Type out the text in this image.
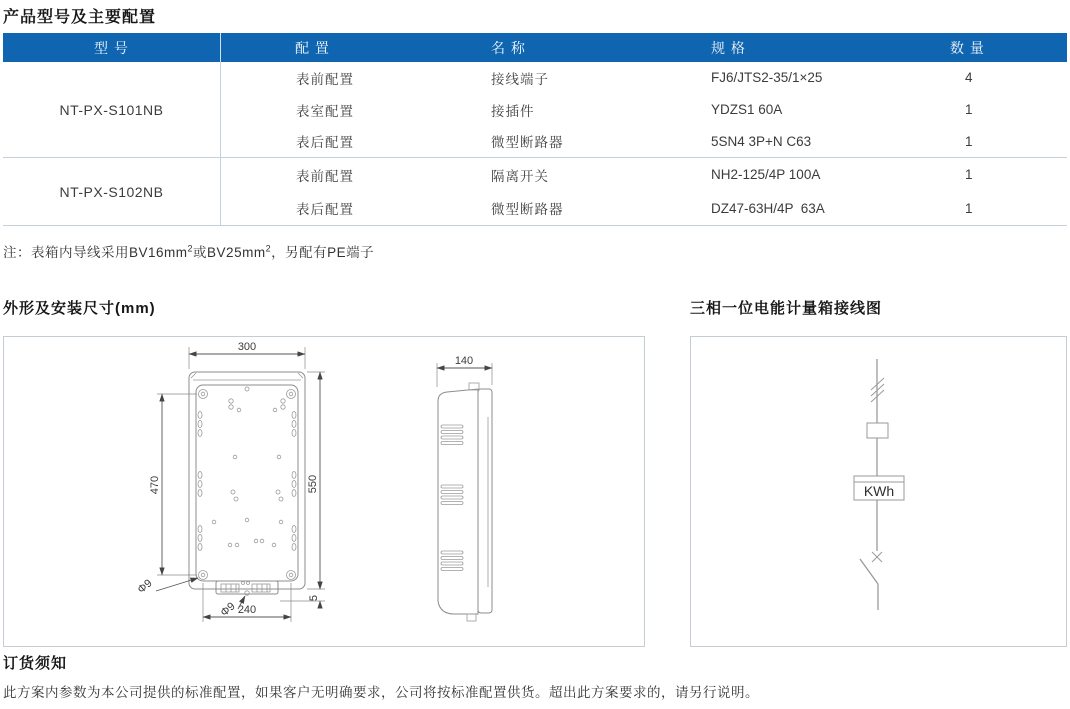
产品型号及主要配置
型 号	配 置	名 称	规 格	数 量
NT-PX-S101NB
表前配置	接线端子	FJ6/JTS2-35/1×25	4
表室配置	接插件	YDZS1 60A	1
表后配置	微型断路器	5SN4 3P+N C63	1
NT-PX-S102NB
表前配置	隔离开关	NH2-125/4P 100A	1
表后配置	微型断路器	DZ47-63H/4P  63A	1

注：表箱内导线采用$BV16mm^2$或$BV25mm^2$，另配有PE端子

外形及安装尺寸(mm)	三相一位电能计量箱接线图
300
550
470
240
5
Φ9
Φ9
140
KWh
订货须知

此方案内参数为本公司提供的标准配置，如果客户无明确要求，公司将按标准配置供货。超出此方案要求的，请另行说明。
